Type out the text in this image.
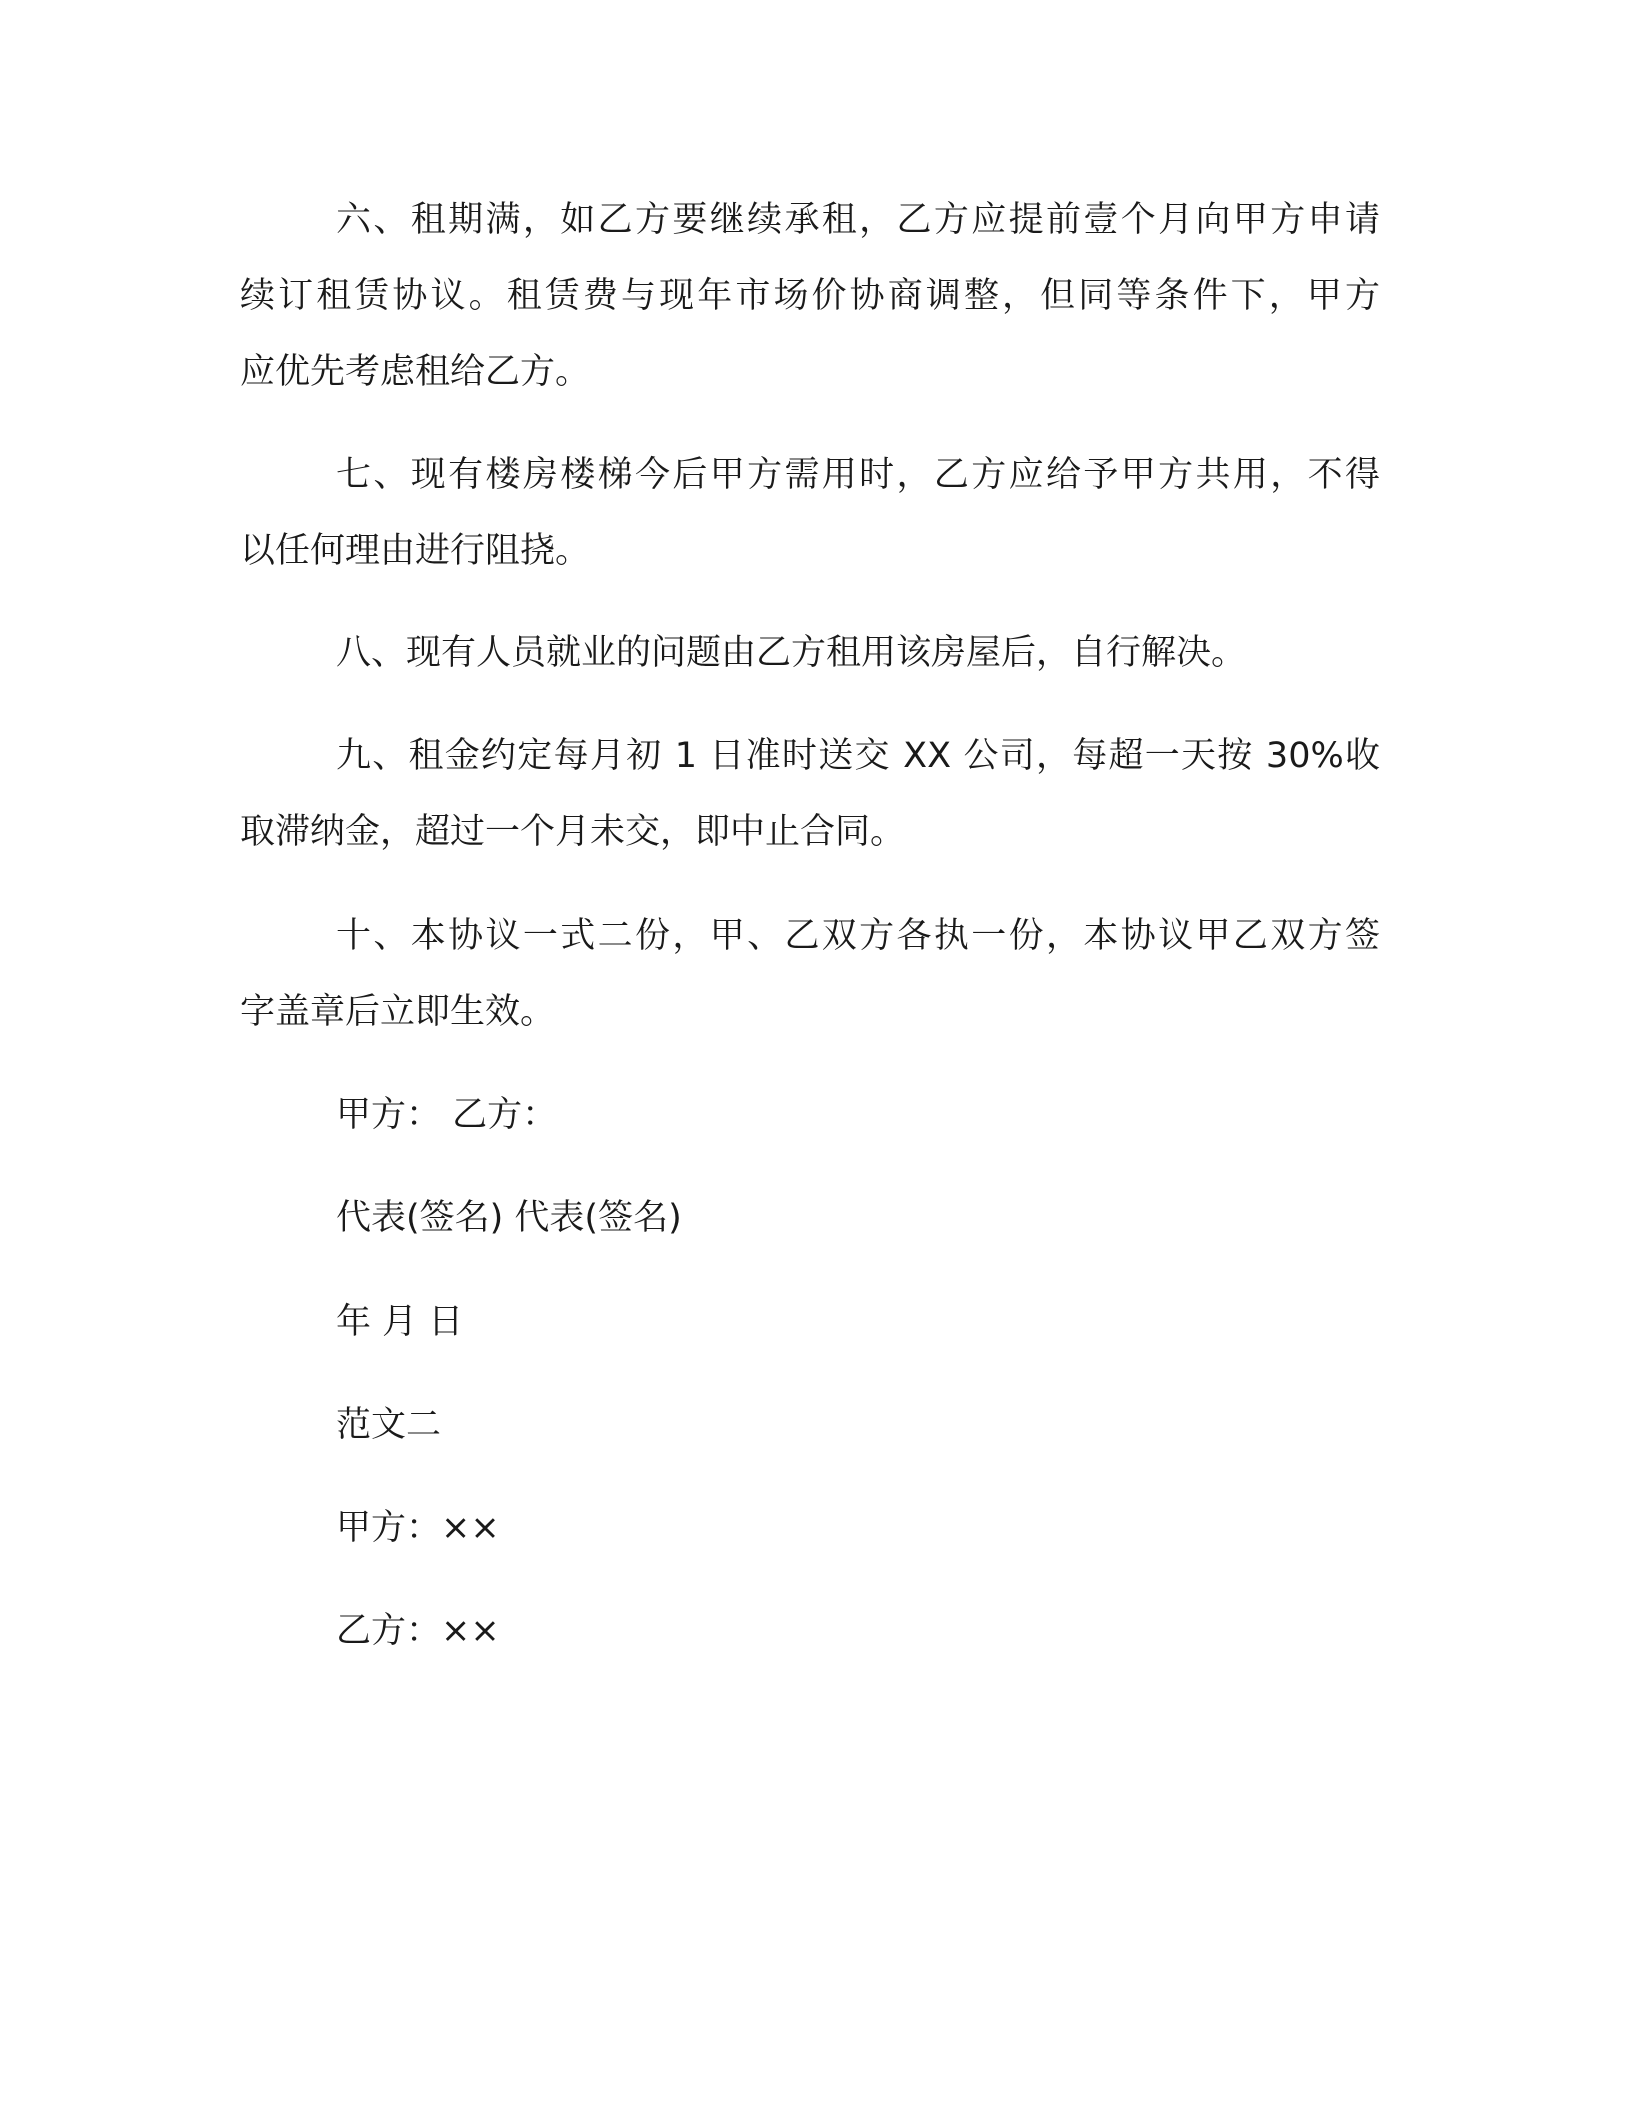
六、租期满，如乙方要继续承租，乙方应提前壹个月向甲方申请
续订租赁协议。租赁费与现年市场价协商调整，但同等条件下，甲方
应优先考虑租给乙方。
七、现有楼房楼梯今后甲方需用时，乙方应给予甲方共用，不得
以任何理由进行阻挠。
八、现有人员就业的问题由乙方租用该房屋后，自行解决。
九、租金约定每月初 1 日准时送交 XX 公司，每超一天按 30%收
取滞纳金，超过一个月未交，即中止合同。
十、本协议一式二份，甲、乙双方各执一份，本协议甲乙双方签
字盖章后立即生效。
甲方： 乙方：
代表(签名) 代表(签名)
年 月 日
范文二
甲方：××
乙方：××
